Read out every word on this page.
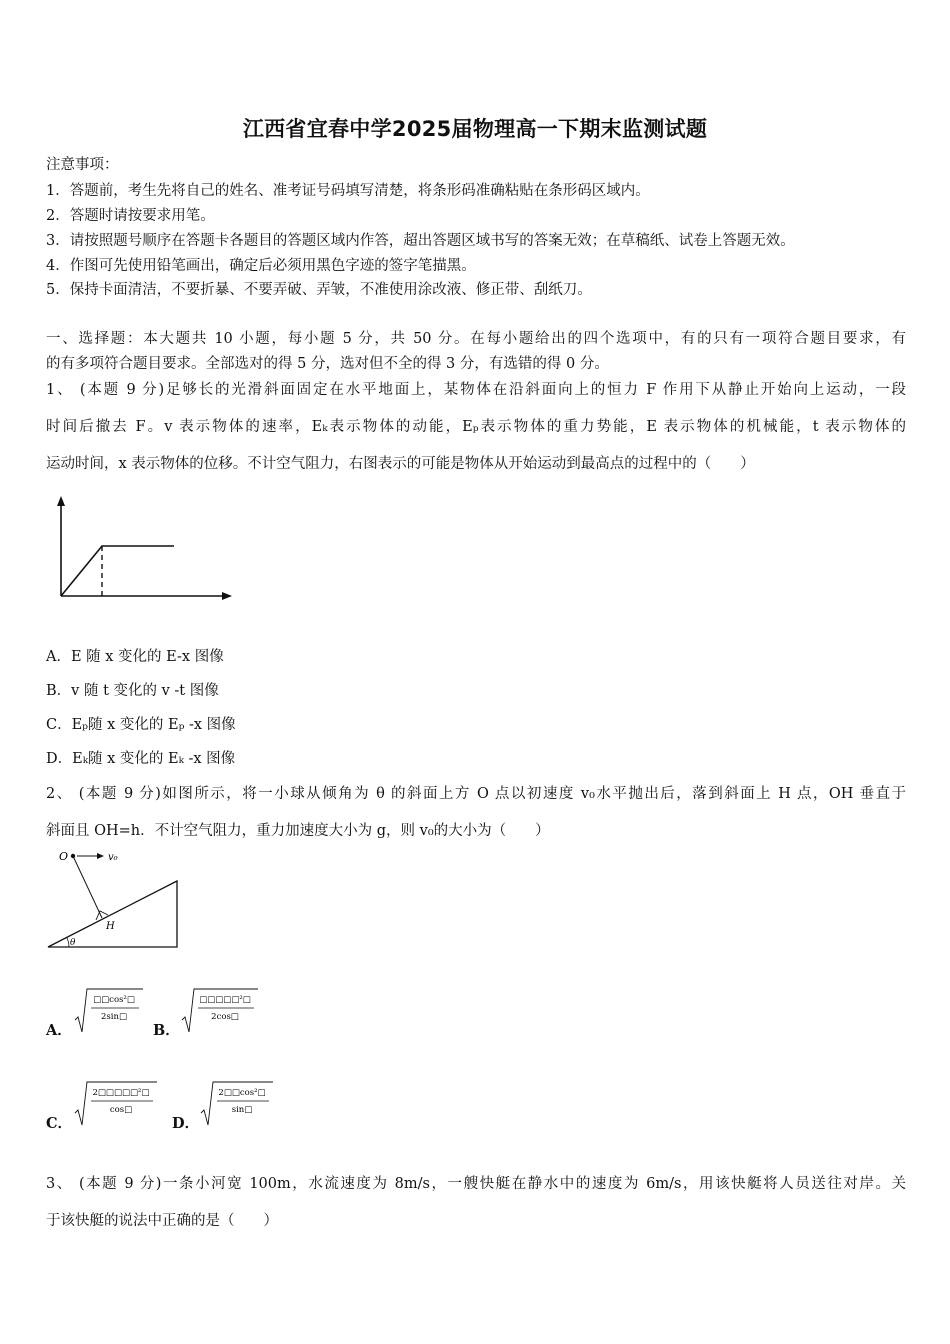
江西省宜春中学2025届物理高一下期末监测试题
注意事项：
1．答题前，考生先将自己的姓名、准考证号码填写清楚，将条形码准确粘贴在条形码区域内。
2．答题时请按要求用笔。
3．请按照题号顺序在答题卡各题目的答题区域内作答，超出答题区域书写的答案无效；在草稿纸、试卷上答题无效。
4．作图可先使用铅笔画出，确定后必须用黑色字迹的签字笔描黑。
5．保持卡面清洁，不要折暴、不要弄破、弄皱，不准使用涂改液、修正带、刮纸刀。
一、选择题：本大题共 10 小题，每小题 5 分，共 50 分。在每小题给出的四个选项中，有的只有一项符合题目要求，有
的有多项符合题目要求。全部选对的得 5 分，选对但不全的得 3 分，有选错的得 0 分。
1、 (本题 9 分)足够长的光滑斜面固定在水平地面上，某物体在沿斜面向上的恒力 F 作用下从静止开始向上运动，一段
时间后撤去 F。v 表示物体的速率，Eₖ表示物体的动能，Eₚ表示物体的重力势能，E 表示物体的机械能，t 表示物体的
运动时间，x 表示物体的位移。不计空气阻力，右图表示的可能是物体从开始运动到最高点的过程中的（　　）
A．E 随 x 变化的 E-x 图像
B．v 随 t 变化的 v -t 图像
C．Eₚ随 x 变化的 Eₚ -x 图像
D．Eₖ随 x 变化的 Eₖ -x 图像
2、 (本题 9 分)如图所示，将一小球从倾角为 θ 的斜面上方 O 点以初速度 v₀水平抛出后，落到斜面上 H 点，OH 垂直于
斜面且 OH=h．不计空气阻力，重力加速度大小为 g，则 v₀的大小为（　　）
O	v₀
H
θ
A．
□□cos²□
2sin□
B．
□□□□□²□
2cos□
C．
2□□□□□²□
cos□
D．
2□□cos²□
sin□
3、 (本题 9 分)一条小河宽 100m，水流速度为 8m/s，一艘快艇在静水中的速度为 6m/s，用该快艇将人员送往对岸。关
于该快艇的说法中正确的是（　　）
